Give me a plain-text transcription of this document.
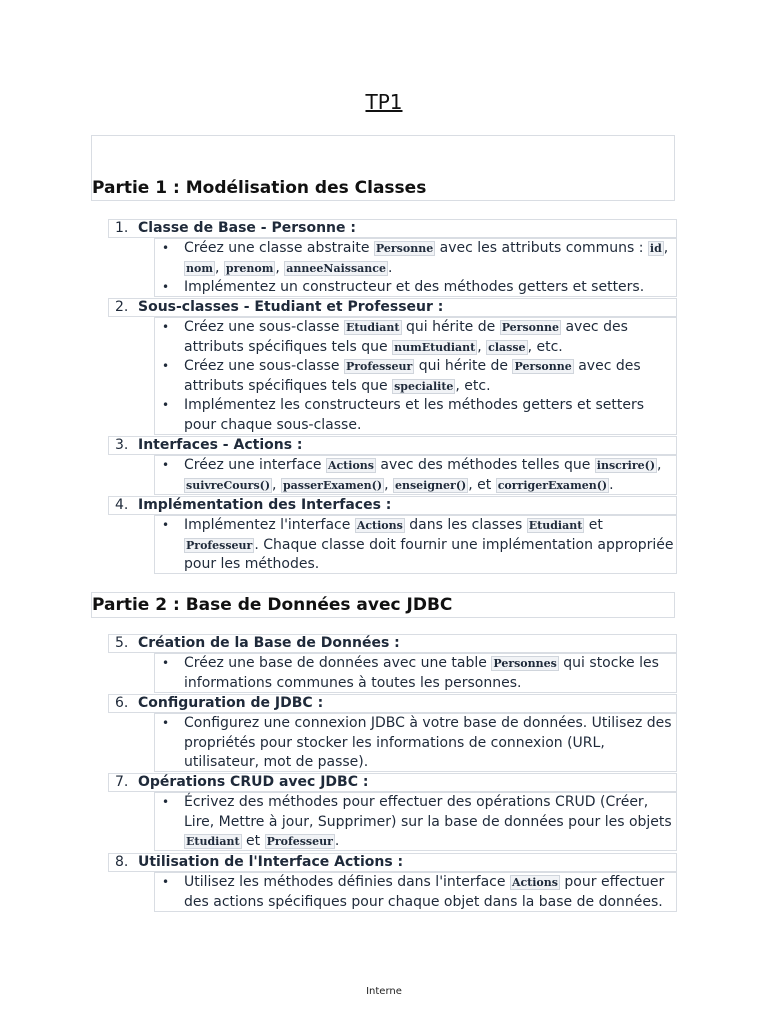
TP1
Partie 1 : Modélisation des Classes
Partie 2 : Base de Données avec JDBC
Interne
1. Classe de Base - Personne :
• Créez une classe abstraite Personne avec les attributs communs : id , nom , prenom , anneeNaissance .
• Implémentez un constructeur et des méthodes getters et setters.
2. Sous-classes - Etudiant et Professeur :
• Créez une sous-classe Etudiant qui hérite de Personne avec des attributs spécifiques tels que numEtudiant , classe , etc.
• Créez une sous-classe Professeur qui hérite de Personne avec des attributs spécifiques tels que specialite , etc.
• Implémentez les constructeurs et les méthodes getters et setters pour chaque sous-classe.
3. Interfaces - Actions :
• Créez une interface Actions avec des méthodes telles que inscrire() , suivreCours() , passerExamen() , enseigner() , et corrigerExamen() .
4. Implémentation des Interfaces :
• Implémentez l'interface Actions dans les classes Etudiant et Professeur . Chaque classe doit fournir une implémentation appropriée pour les méthodes.
5. Création de la Base de Données :
• Créez une base de données avec une table Personnes qui stocke les informations communes à toutes les personnes.
6. Configuration de JDBC :
• Configurez une connexion JDBC à votre base de données. Utilisez des propriétés pour stocker les informations de connexion (URL, utilisateur, mot de passe).
7. Opérations CRUD avec JDBC :
• Écrivez des méthodes pour effectuer des opérations CRUD (Créer, Lire, Mettre à jour, Supprimer) sur la base de données pour les objets Etudiant et Professeur .
8. Utilisation de l'Interface Actions :
• Utilisez les méthodes définies dans l'interface Actions pour effectuer des actions spécifiques pour chaque objet dans la base de données.
